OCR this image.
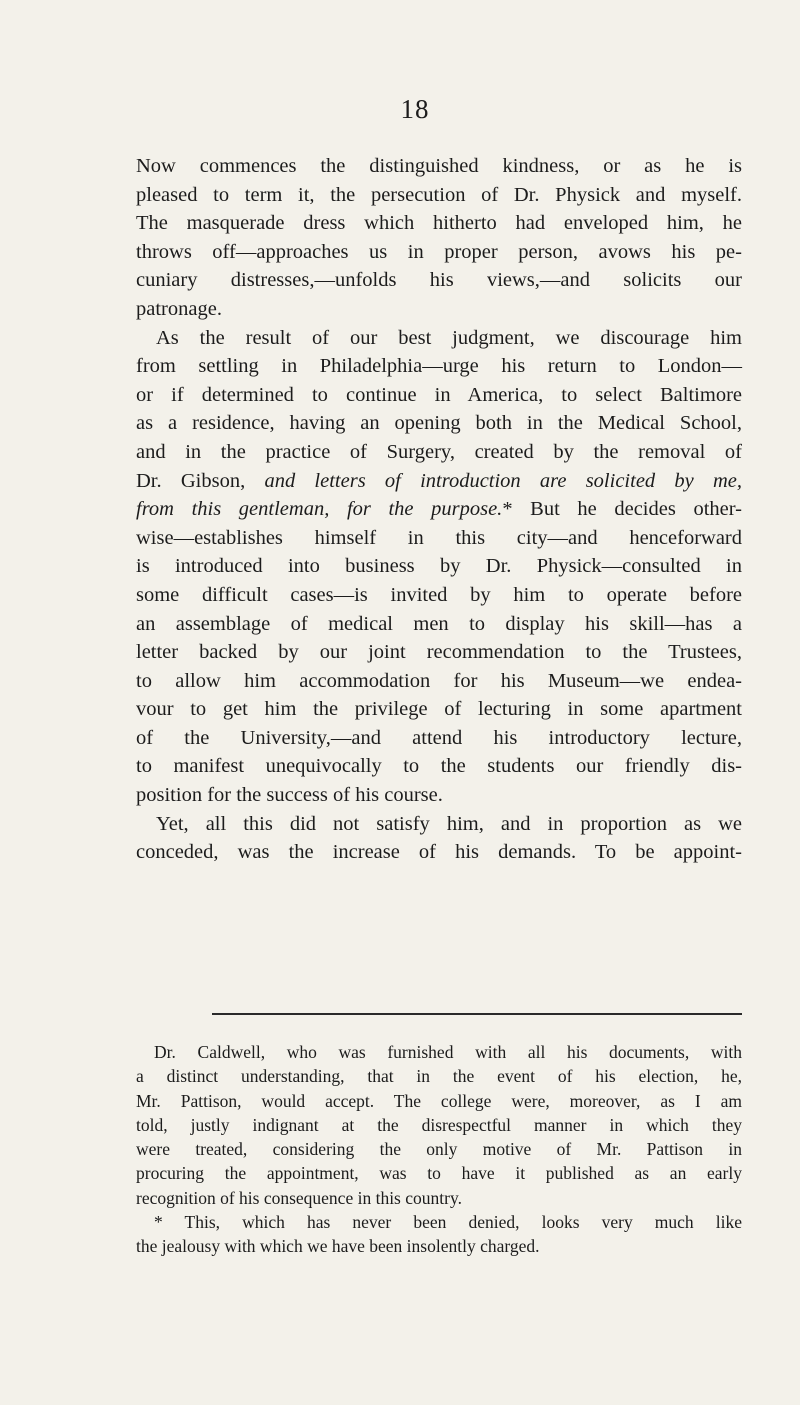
18
Now commences the distinguished kindness, or as he is
pleased to term it, the persecution of Dr. Physick and myself.
The masquerade dress which hitherto had enveloped him, he
throws off—approaches us in proper person, avows his pe-
cuniary distresses,—unfolds his views,—and solicits our
patronage.
As the result of our best judgment, we discourage him
from settling in Philadelphia—urge his return to London—
or if determined to continue in America, to select Baltimore
as a residence, having an opening both in the Medical School,
and in the practice of Surgery, created by the removal of
Dr. Gibson, and letters of introduction are solicited by me,
from this gentleman, for the purpose.* But he decides other-
wise—establishes himself in this city—and henceforward
is introduced into business by Dr. Physick—consulted in
some difficult cases—is invited by him to operate before
an assemblage of medical men to display his skill—has a
letter backed by our joint recommendation to the Trustees,
to allow him accommodation for his Museum—we endea-
vour to get him the privilege of lecturing in some apartment
of the University,—and attend his introductory lecture,
to manifest unequivocally to the students our friendly dis-
position for the success of his course.
Yet, all this did not satisfy him, and in proportion as we
conceded, was the increase of his demands. To be appoint-
Dr. Caldwell, who was furnished with all his documents, with
a distinct understanding, that in the event of his election, he,
Mr. Pattison, would accept. The college were, moreover, as I am
told, justly indignant at the disrespectful manner in which they
were treated, considering the only motive of Mr. Pattison in
procuring the appointment, was to have it published as an early
recognition of his consequence in this country.
* This, which has never been denied, looks very much like
the jealousy with which we have been insolently charged.
